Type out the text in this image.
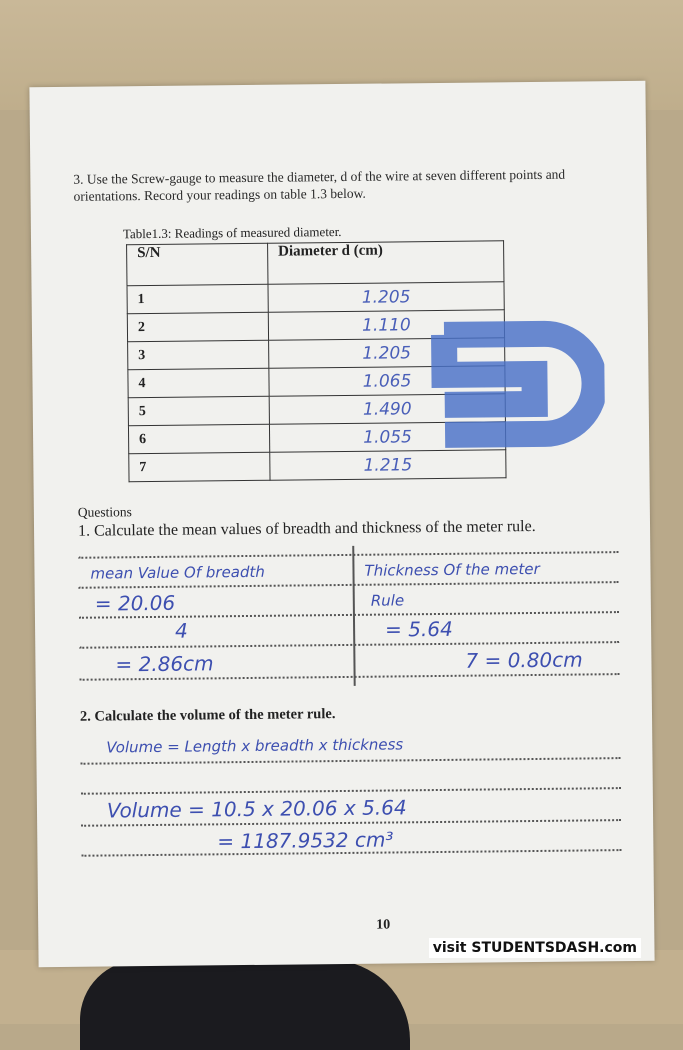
3. Use the Screw-gauge to measure the diameter, d of the wire at seven different points and orientations. Record your readings on table 1.3 below.
Table1.3: Readings of measured diameter.
S/N	Diameter d (cm)
1	1.205
2	1.110
3	1.205
4	1.065
5	1.490
6	1.055
7	1.215
Questions
1. Calculate the mean values of breadth and thickness of the meter rule.
mean Value Of breadth
= 20.06
4
= 2.86cm
Thickness Of the meter
Rule
= 5.64
7 = 0.80cm
2. Calculate the volume of the meter rule.
Volume = Length x breadth x thickness
Volume = 10.5 x 20.06 x 5.64
= 1187.9532 cm³
10
visit STUDENTSDASH.com
